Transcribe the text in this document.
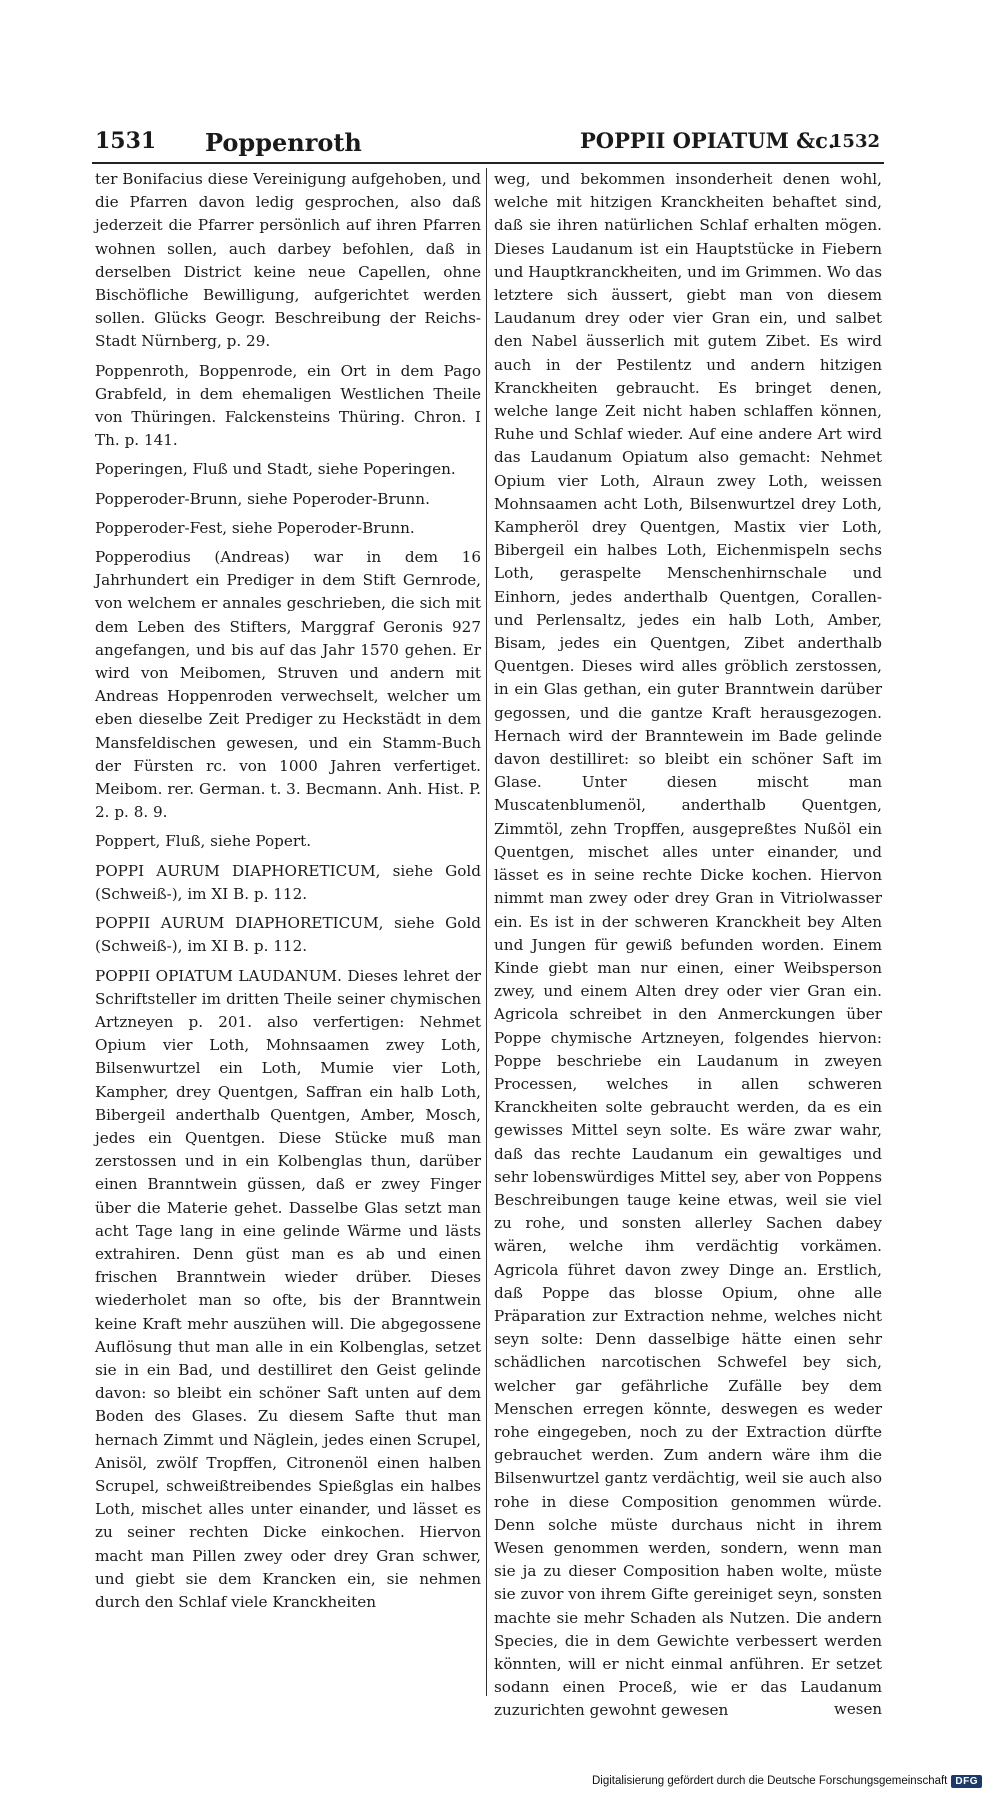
1531 Poppenroth	POPPII OPIATUM &c.
1532

ter Bonifacius diese Vereinigung aufgehoben, und die Pfarren davon ledig gesprochen, also daß jederzeit die Pfarrer persönlich auf ihren Pfarren wohnen sollen, auch darbey befohlen, daß in derselben District keine neue Capellen, ohne Bischöfliche Bewilligung, aufgerichtet werden sollen. Glücks Geogr. Beschreibung der Reichs-Stadt Nürnberg, p. 29.

Poppenroth, Boppenrode, ein Ort in dem Pago Grabfeld, in dem ehemaligen Westlichen Theile von Thüringen. Falckensteins Thüring. Chron. I Th. p. 141.

Poperingen, Fluß und Stadt, siehe Poperingen.

Popperoder-Brunn, siehe Poperoder-Brunn.

Popperoder-Fest, siehe Poperoder-Brunn.

Popperodius (Andreas) war in dem 16 Jahrhundert ein Prediger in dem Stift Gernrode, von welchem er annales geschrieben, die sich mit dem Leben des Stifters, Marggraf Geronis 927 angefangen, und bis auf das Jahr 1570 gehen. Er wird von Meibomen, Struven und andern mit Andreas Hoppenroden verwechselt, welcher um eben dieselbe Zeit Prediger zu Heckstädt in dem Mansfeldischen gewesen, und ein Stamm-Buch der Fürsten rc. von 1000 Jahren verfertiget. Meibom. rer. German. t. 3. Becmann. Anh. Hist. P. 2. p. 8. 9.

Poppert, Fluß, siehe Popert.

POPPI AURUM DIAPHORETICUM, siehe Gold (Schweiß-), im XI B. p. 112.

POPPII AURUM DIAPHORETICUM, siehe Gold (Schweiß-), im XI B. p. 112.

POPPII OPIATUM LAUDANUM. Dieses lehret der Schriftsteller im dritten Theile seiner chymischen Artzneyen p. 201. also verfertigen: Nehmet Opium vier Loth, Mohnsaamen zwey Loth, Bilsenwurtzel ein Loth, Mumie vier Loth, Kampher, drey Quentgen, Saffran ein halb Loth, Bibergeil anderthalb Quentgen, Amber, Mosch, jedes ein Quentgen. Diese Stücke muß man zerstossen und in ein Kolbenglas thun, darüber einen Branntwein güssen, daß er zwey Finger über die Materie gehet. Dasselbe Glas setzt man acht Tage lang in eine gelinde Wärme und lästs extrahiren. Denn güst man es ab und einen frischen Branntwein wieder drüber. Dieses wiederholet man so ofte, bis der Branntwein keine Kraft mehr auszühen will. Die abgegossene Auflösung thut man alle in ein Kolbenglas, setzet sie in ein Bad, und destilliret den Geist gelinde davon: so bleibt ein schöner Saft unten auf dem Boden des Glases. Zu diesem Safte thut man hernach Zimmt und Näglein, jedes einen Scrupel, Anisöl, zwölf Tropffen, Citronenöl einen halben Scrupel, schweißtreibendes Spießglas ein halbes Loth, mischet alles unter einander, und lässet es zu seiner rechten Dicke einkochen. Hiervon macht man Pillen zwey oder drey Gran schwer, und giebt sie dem Krancken ein, sie nehmen durch den Schlaf viele Kranckheiten

weg, und bekommen insonderheit denen wohl, welche mit hitzigen Kranckheiten behaftet sind, daß sie ihren natürlichen Schlaf erhalten mögen. Dieses Laudanum ist ein Hauptstücke in Fiebern und Hauptkranckheiten, und im Grimmen. Wo das letztere sich äussert, giebt man von diesem Laudanum drey oder vier Gran ein, und salbet den Nabel äusserlich mit gutem Zibet. Es wird auch in der Pestilentz und andern hitzigen Kranckheiten gebraucht. Es bringet denen, welche lange Zeit nicht haben schlaffen können, Ruhe und Schlaf wieder. Auf eine andere Art wird das Laudanum Opiatum also gemacht: Nehmet Opium vier Loth, Alraun zwey Loth, weissen Mohnsaamen acht Loth, Bilsenwurtzel drey Loth, Kampheröl drey Quentgen, Mastix vier Loth, Bibergeil ein halbes Loth, Eichenmispeln sechs Loth, geraspelte Menschenhirnschale und Einhorn, jedes anderthalb Quentgen, Corallen- und Perlensaltz, jedes ein halb Loth, Amber, Bisam, jedes ein Quentgen, Zibet anderthalb Quentgen. Dieses wird alles gröblich zerstossen, in ein Glas gethan, ein guter Branntwein darüber gegossen, und die gantze Kraft herausgezogen. Hernach wird der Branntewein im Bade gelinde davon destilliret: so bleibt ein schöner Saft im Glase. Unter diesen mischt man Muscatenblumenöl, anderthalb Quentgen, Zimmtöl, zehn Tropffen, ausgepreßtes Nußöl ein Quentgen, mischet alles unter einander, und lässet es in seine rechte Dicke kochen. Hiervon nimmt man zwey oder drey Gran in Vitriolwasser ein. Es ist in der schweren Kranckheit bey Alten und Jungen für gewiß befunden worden. Einem Kinde giebt man nur einen, einer Weibsperson zwey, und einem Alten drey oder vier Gran ein. Agricola schreibet in den Anmerckungen über Poppe chymische Artzneyen, folgendes hiervon: Poppe beschriebe ein Laudanum in zweyen Processen, welches in allen schweren Kranckheiten solte gebraucht werden, da es ein gewisses Mittel seyn solte. Es wäre zwar wahr, daß das rechte Laudanum ein gewaltiges und sehr lobenswürdiges Mittel sey, aber von Poppens Beschreibungen tauge keine etwas, weil sie viel zu rohe, und sonsten allerley Sachen dabey wären, welche ihm verdächtig vorkämen. Agricola führet davon zwey Dinge an. Erstlich, daß Poppe das blosse Opium, ohne alle Präparation zur Extraction nehme, welches nicht seyn solte: Denn dasselbige hätte einen sehr schädlichen narcotischen Schwefel bey sich, welcher gar gefährliche Zufälle bey dem Menschen erregen könnte, deswegen es weder rohe eingegeben, noch zu der Extraction dürfte gebrauchet werden. Zum andern wäre ihm die Bilsenwurtzel gantz verdächtig, weil sie auch also rohe in diese Composition genommen würde. Denn solche müste durchaus nicht in ihrem Wesen genommen werden, sondern, wenn man sie ja zu dieser Composition haben wolte, müste sie zuvor von ihrem Gifte gereiniget seyn, sonsten machte sie mehr Schaden als Nutzen. Die andern Species, die in dem Gewichte verbessert werden könnten, will er nicht einmal anführen. Er setzet sodann einen Proceß, wie er das Laudanum zuzurichten gewohnt gewesen	wesen
Digitalisierung gefördert durch die Deutsche Forschungsgemeinschaft DFG
